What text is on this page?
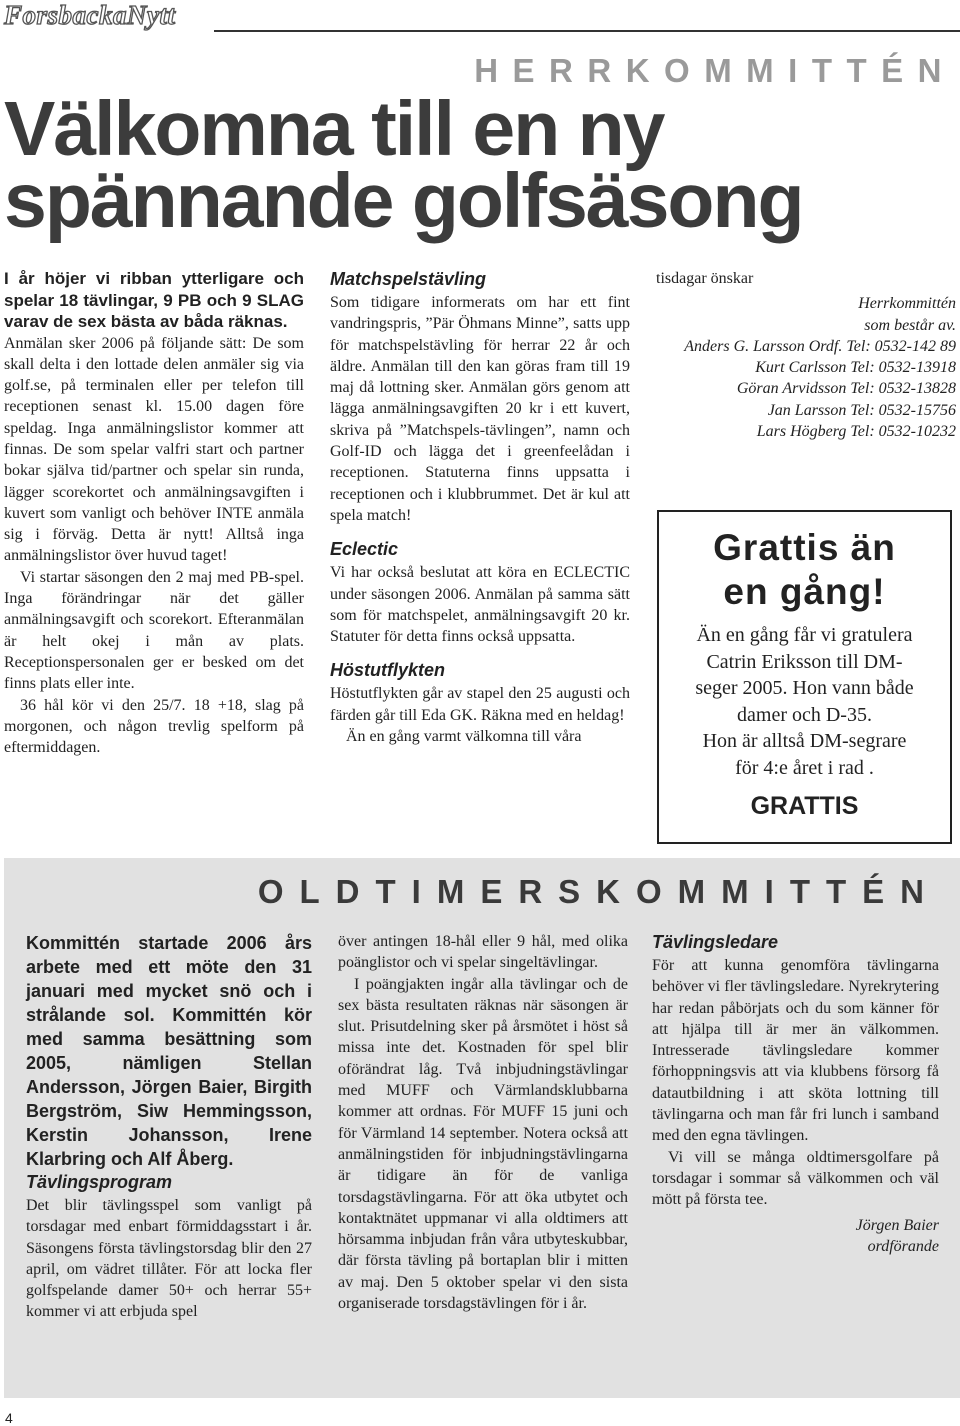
ForsbackaNytt
HERRKOMMITTÉN
Välkomna till en ny
spännande golfsäsong

I år höjer vi ribban ytterligare och spelar 18 tävlingar, 9 PB och 9 SLAG varav de sex bästa av båda räknas.

Anmälan sker 2006 på följande sätt: De som skall delta i den lottade delen anmäler sig via golf.se, på terminalen eller per telefon till receptionen senast kl. 15.00 dagen före speldag. Inga anmälningslistor kommer att finnas. De som spelar valfri start och partner bokar själva tid/partner och spelar sin runda, lägger scorekortet och anmälningsavgiften i kuvert som vanligt och behöver INTE anmäla sig i förväg. Detta är nytt! Alltså inga anmälningslistor över huvud taget!

Vi startar säsongen den 2 maj med PB-spel. Inga förändringar när det gäller anmälningsavgift och scorekort. Efteranmälan är helt okej i mån av plats. Receptionspersonalen ger er besked om det finns plats eller inte.

36 hål kör vi den 25/7. 18 +18, slag på morgonen, och någon trevlig spelform på eftermiddagen.

Matchspelstävling

Som tidigare informerats om har ett fint vandringspris, ”Pär Öhmans Minne”, satts upp för matchspelstävling för herrar 22 år och äldre. Anmälan till den kan göras fram till 19 maj då lottning sker. Anmälan görs genom att lägga anmälningsavgiften 20 kr i ett kuvert, skriva på ”Matchspels-tävlingen”, namn och Golf-ID och lägga det i greenfeelådan i receptionen. Statuterna finns uppsatta i receptionen och i klubbrummet. Det är kul att spela match!

Eclectic

Vi har också beslutat att köra en ECLECTIC under säsongen 2006. Anmälan på samma sätt som för matchspelet, anmälningsavgift 20 kr. Statuter för detta finns också uppsatta.

Höstutflykten

Höstutflykten går av stapel den 25 augusti och färden går till Eda GK. Räkna med en heldag!

Än en gång varmt välkomna till våra

tisdagar önskar

Herrkommittén
som består av.
Anders G. Larsson Ordf. Tel: 0532-142 89
Kurt Carlsson Tel: 0532-13918
Göran Arvidsson Tel: 0532-13828
Jan Larsson Tel: 0532-15756
Lars Högberg Tel: 0532-10232
Grattis än
en gång!
Än en gång får vi gratulera
Catrin Eriksson till DM-
seger 2005. Hon vann både
damer och D-35.
Hon är alltså DM-segrare
för 4:e året i rad .
GRATTIS
OLDTIMERSKOMMITTÉN

Kommittén startade 2006 års arbete med ett möte den 31 januari med mycket snö och i strålande sol. Kommittén kör med samma besättning som 2005, nämligen Stellan Andersson, Jörgen Baier, Birgith Bergström, Siw Hemmingsson, Kerstin Johansson, Irene Klarbring och Alf Åberg.

Tävlingsprogram

Det blir tävlingsspel som vanligt på torsdagar med enbart förmiddagsstart i år. Säsongens första tävlingstorsdag blir den 27 april, om vädret tillåter. För att locka fler golfspelande damer 50+ och herrar 55+ kommer vi att erbjuda spel

över antingen 18-hål eller 9 hål, med olika poänglistor och vi spelar singeltävlingar.

I poängjakten ingår alla tävlingar och de sex bästa resultaten räknas när säsongen är slut. Prisutdelning sker på årsmötet i höst så missa inte det. Kostnaden för spel blir oförändrat låg. Två inbjudningstävlingar med MUFF och Värmlandsklubbarna kommer att ordnas. För MUFF 15 juni och för Värmland 14 september. Notera också att anmälningstiden för inbjudningstävlingarna är tidigare än för de vanliga torsdagstävlingarna. För att öka utbytet och kontaktnätet uppmanar vi alla oldtimers att hörsamma inbjudan från våra utbyteskubbar, där första tävling på bortaplan blir i mitten av maj. Den 5 oktober spelar vi den sista organiserade torsdagstävlingen för i år.

Tävlingsledare

För att kunna genomföra tävlingarna behöver vi fler tävlingsledare. Nyrekrytering har redan påbörjats och du som känner för att hjälpa till är mer än välkommen. Intresserade tävlingsledare kommer förhoppningsvis att via klubbens försorg få datautbildning i att sköta lottning till tävlingarna och man får fri lunch i samband med den egna tävlingen.

Vi vill se många oldtimersgolfare på torsdagar i sommar så välkommen och väl mött på första tee.

Jörgen Baier
ordförande
4
